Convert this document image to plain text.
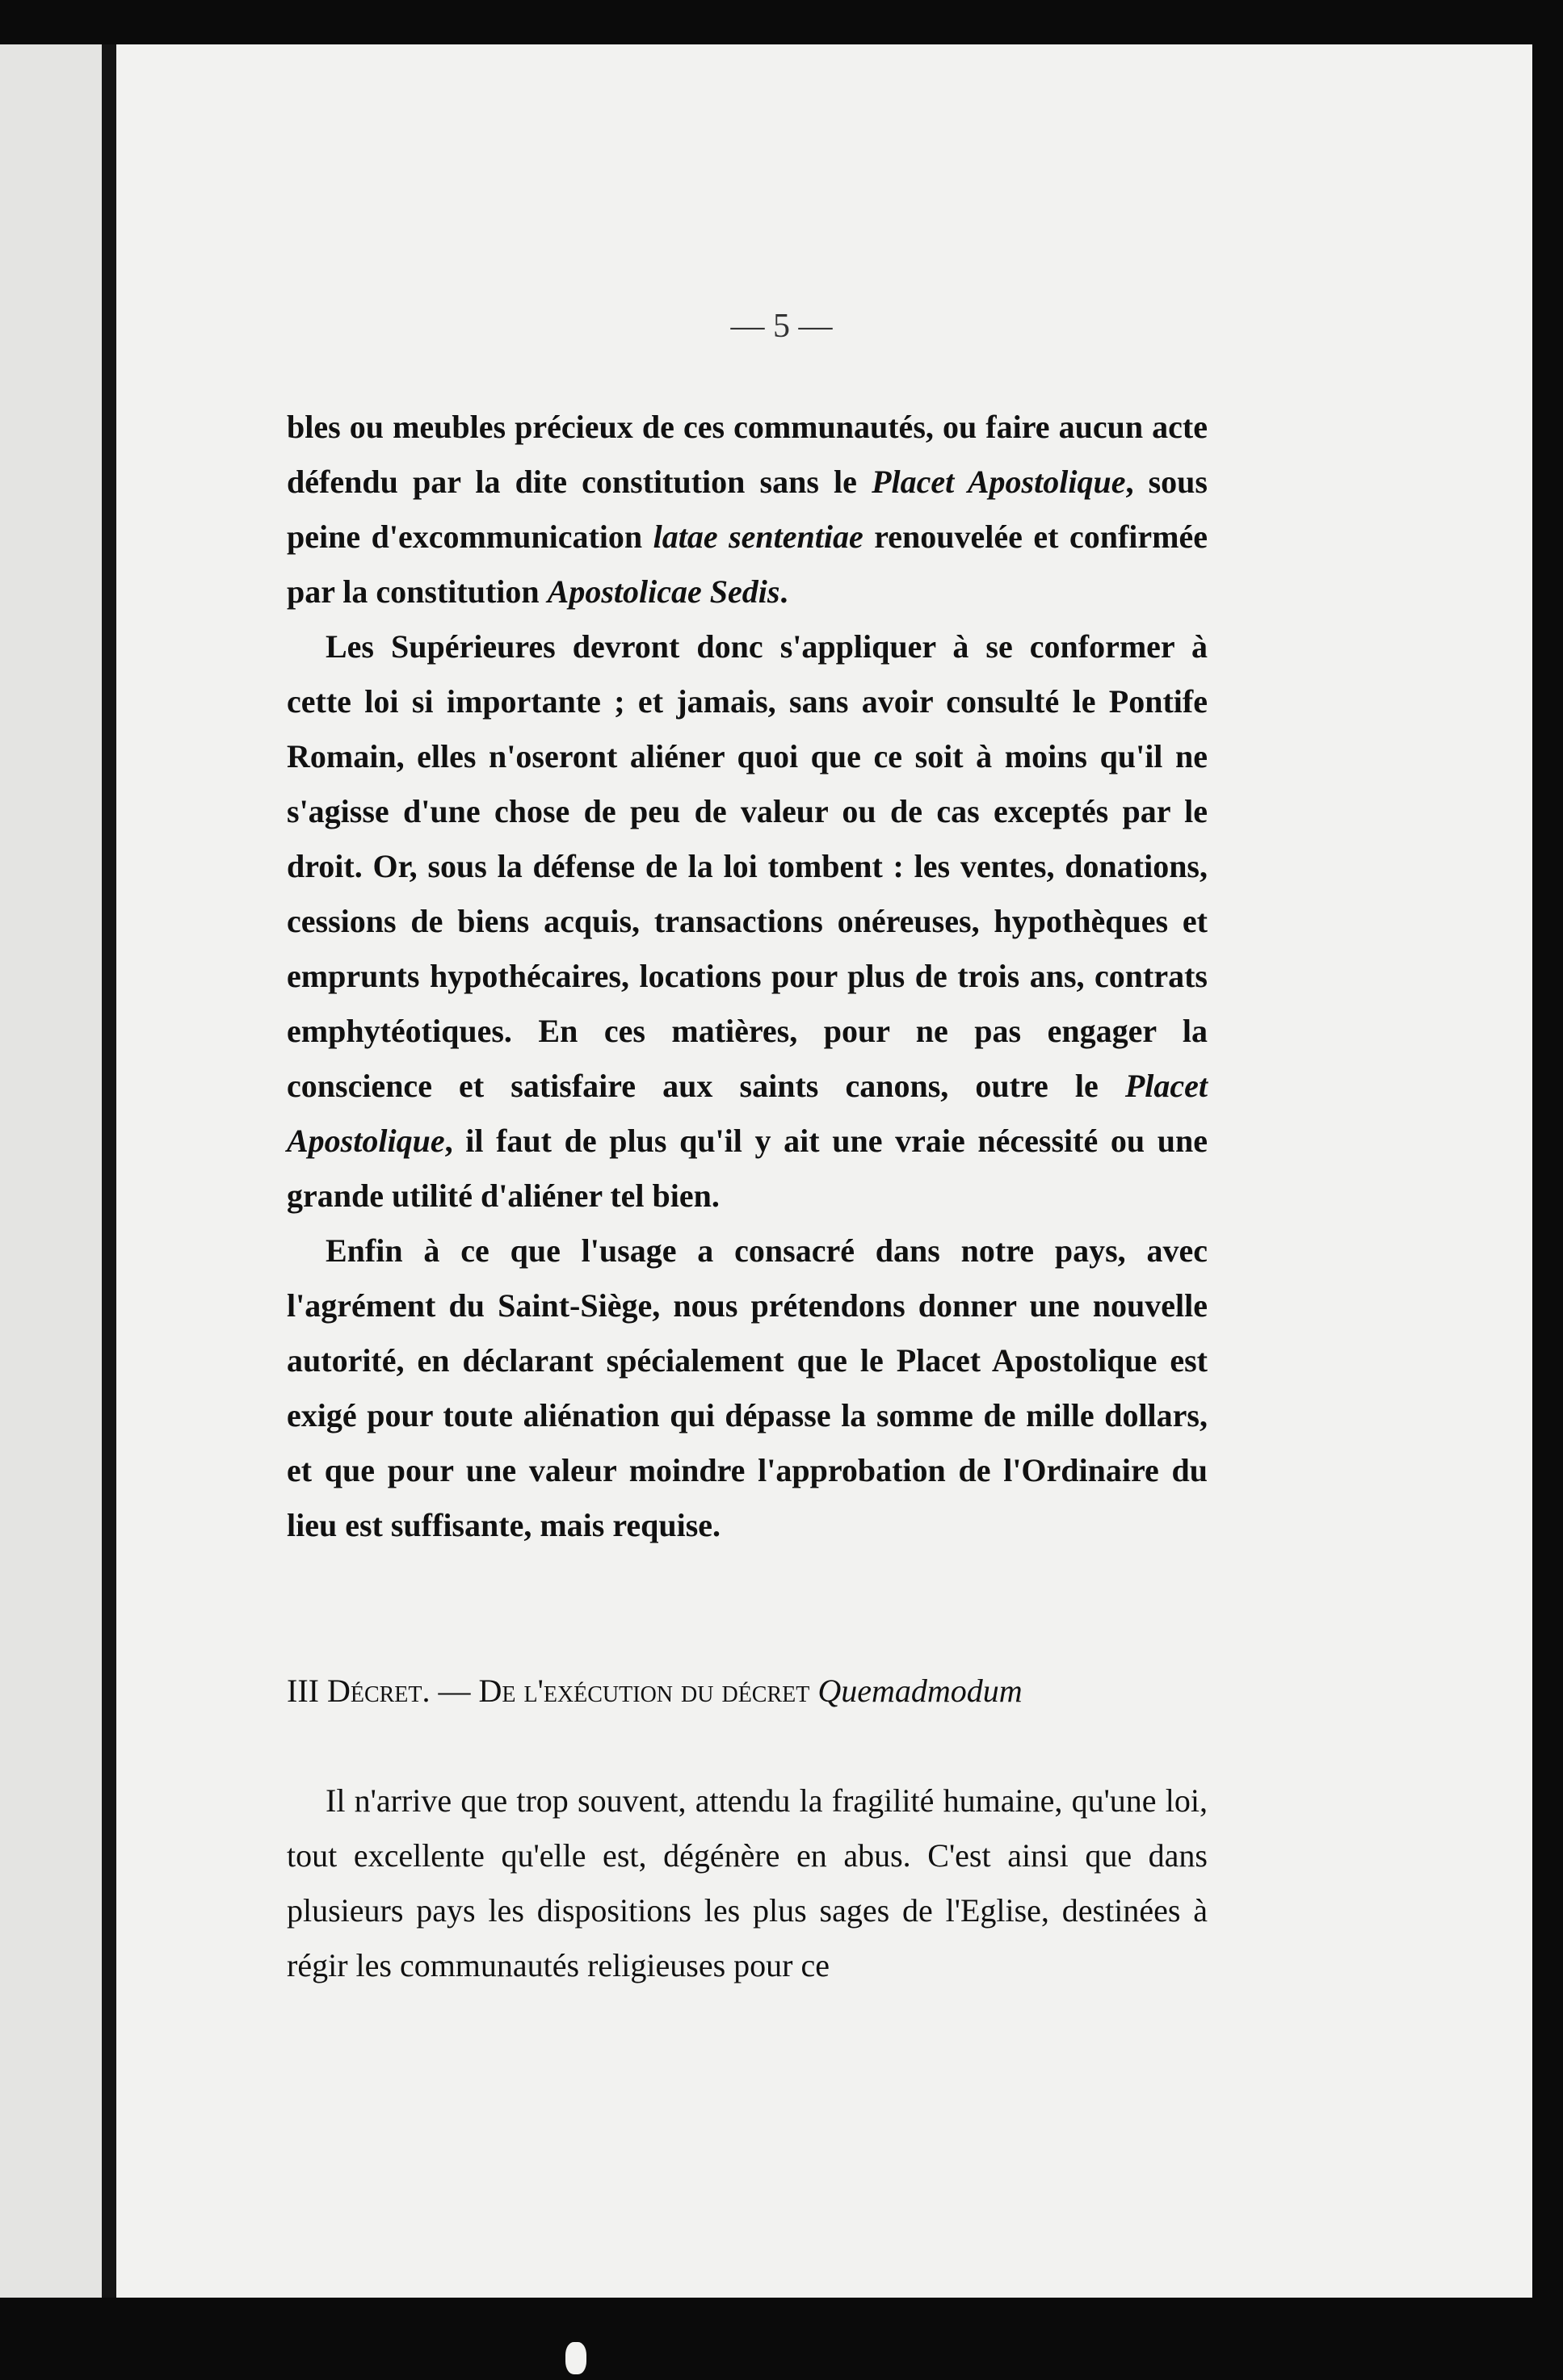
— 5 —

bles ou meubles précieux de ces communautés, ou faire aucun acte défendu par la dite constitution sans le Placet Apostolique, sous peine d'excommunication latae sententiae renouvelée et confirmée par la constitution Apostolicae Sedis.

Les Supérieures devront donc s'appliquer à se conformer à cette loi si importante ; et jamais, sans avoir consulté le Pontife Romain, elles n'oseront aliéner quoi que ce soit à moins qu'il ne s'agisse d'une chose de peu de valeur ou de cas exceptés par le droit. Or, sous la défense de la loi tombent : les ventes, donations, cessions de biens acquis, transactions onéreuses, hypothèques et emprunts hypothécaires, locations pour plus de trois ans, contrats emphytéotiques. En ces matières, pour ne pas engager la conscience et satisfaire aux saints canons, outre le Placet Apostolique, il faut de plus qu'il y ait une vraie nécessité ou une grande utilité d'aliéner tel bien.

Enfin à ce que l'usage a consacré dans notre pays, avec l'agrément du Saint-Siège, nous prétendons donner une nouvelle autorité, en déclarant spécialement que le Placet Apostolique est exigé pour toute aliénation qui dépasse la somme de mille dollars, et que pour une valeur moindre l'approbation de l'Ordinaire du lieu est suffisante, mais requise.

III Décret. — De l'exécution du décret Quemadmodum

Il n'arrive que trop souvent, attendu la fragilité humaine, qu'une loi, tout excellente qu'elle est, dégénère en abus. C'est ainsi que dans plusieurs pays les dispositions les plus sages de l'Eglise, destinées à régir les communautés religieuses pour ce
